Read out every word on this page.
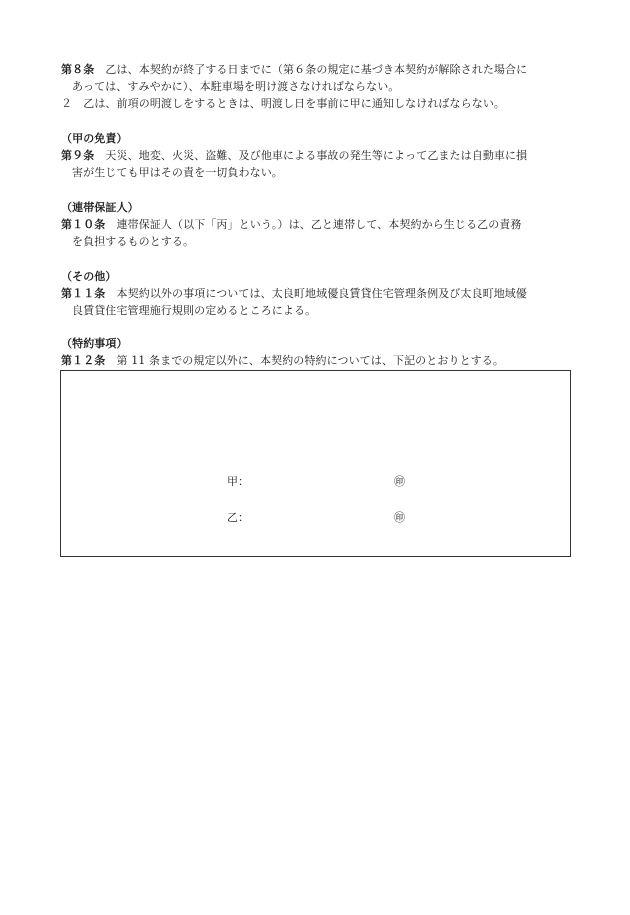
第８条　 乙は、本契約が終了する日までに（第６条の規定に基づき本契約が解除された場合に
あっては、すみやかに）、本駐車場を明け渡さなければならない。
２　 乙は、前項の明渡しをするときは、明渡し日を事前に甲に通知しなければならない。
（甲の免責）
第９条　 天災、地変、火災、盗難、及び他車による事故の発生等によって乙または自動車に損
害が生じても甲はその責を一切負わない。
（連帯保証人）
第１０条　 連帯保証人（以下「丙」という。）は、乙と連帯して、本契約から生じる乙の責務
を負担するものとする。
（その他）
第１１条　 本契約以外の事項については、太良町地域優良賃貸住宅管理条例及び太良町地域優
良賃貸住宅管理施行規則の定めるところによる。
（特約事項）
第１２条　 第 11 条までの規定以外に、本契約の特約については、下記のとおりとする。
甲：	㊞
乙：	㊞
